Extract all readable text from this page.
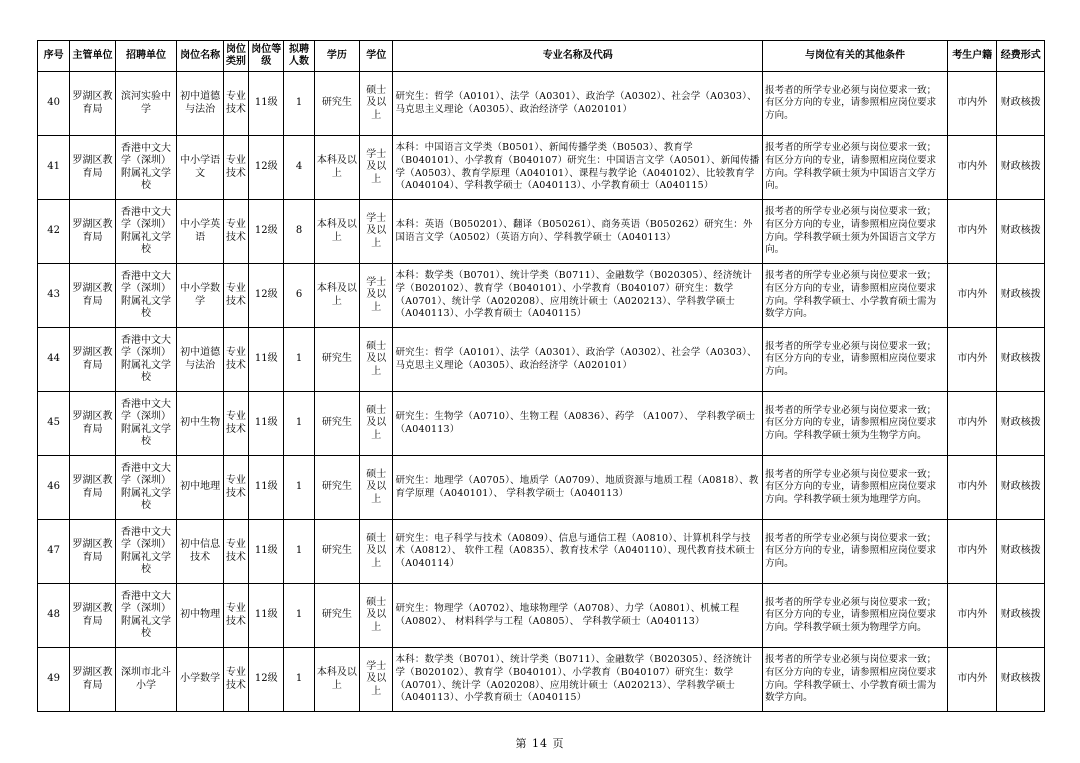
序号	主管单位	招聘单位	岗位名称	岗位类别	岗位等级	拟聘人数	学历	学位	专业名称及代码	与岗位有关的其他条件	考生户籍	经费形式
40	罗湖区教育局	滨河实验中学	初中道德与法治	专业技术	11级	1	研究生	硕士及以上	研究生：哲学（A0101）、法学（A0301）、政治学（A0302）、社会学（A0303）、马克思主义理论（A0305）、政治经济学（A020101）	报考者的所学专业必须与岗位要求一致；有区分方向的专业，请参照相应岗位要求方向。	市内外	财政核拨
41	罗湖区教育局	香港中文大学（深圳）附属礼文学校	中小学语文	专业技术	12级	4	本科及以上	学士及以上	本科：中国语言文学类（B0501）、新闻传播学类（B0503）、教育学（B040101）、小学教育（B040107）研究生：中国语言文学（A0501）、新闻传播学（A0503）、教育学原理（A040101）、课程与教学论（A040102）、比较教育学（A040104）、学科教学硕士（A040113）、小学教育硕士（A040115）	报考者的所学专业必须与岗位要求一致；有区分方向的专业，请参照相应岗位要求方向。学科教学硕士须为中国语言文学方向。	市内外	财政核拨
42	罗湖区教育局	香港中文大学（深圳）附属礼文学校	中小学英语	专业技术	12级	8	本科及以上	学士及以上	本科：英语（B050201）、翻译（B050261）、商务英语（B050262）研究生：外国语言文学（A0502）（英语方向）、学科教学硕士（A040113）	报考者的所学专业必须与岗位要求一致；有区分方向的专业，请参照相应岗位要求方向。学科教学硕士须为外国语言文学方向。	市内外	财政核拨
43	罗湖区教育局	香港中文大学（深圳）附属礼文学校	中小学数学	专业技术	12级	6	本科及以上	学士及以上	本科：数学类（B0701）、统计学类（B0711）、金融数学（B020305）、经济统计学（B020102）、教育学（B040101）、小学教育（B040107）研究生：数学（A0701）、统计学（A020208）、应用统计硕士（A020213）、学科教学硕士（A040113）、小学教育硕士（A040115）	报考者的所学专业必须与岗位要求一致；有区分方向的专业，请参照相应岗位要求方向。学科教学硕士、小学教育硕士需为数学方向。	市内外	财政核拨
44	罗湖区教育局	香港中文大学（深圳）附属礼文学校	初中道德与法治	专业技术	11级	1	研究生	硕士及以上	研究生：哲学（A0101）、法学（A0301）、政治学（A0302）、社会学（A0303）、马克思主义理论（A0305）、政治经济学（A020101）	报考者的所学专业必须与岗位要求一致；有区分方向的专业，请参照相应岗位要求方向。	市内外	财政核拨
45	罗湖区教育局	香港中文大学（深圳）附属礼文学校	初中生物	专业技术	11级	1	研究生	硕士及以上	研究生：生物学（A0710）、生物工程（A0836）、药学 （A1007）、 学科教学硕士（A040113）	报考者的所学专业必须与岗位要求一致；有区分方向的专业，请参照相应岗位要求方向。学科教学硕士须为生物学方向。	市内外	财政核拨
46	罗湖区教育局	香港中文大学（深圳）附属礼文学校	初中地理	专业技术	11级	1	研究生	硕士及以上	研究生：地理学（A0705）、地质学（A0709）、地质资源与地质工程（A0818）、教育学原理（A040101）、 学科教学硕士（A040113）	报考者的所学专业必须与岗位要求一致；有区分方向的专业，请参照相应岗位要求方向。学科教学硕士须为地理学方向。	市内外	财政核拨
47	罗湖区教育局	香港中文大学（深圳）附属礼文学校	初中信息技术	专业技术	11级	1	研究生	硕士及以上	研究生：电子科学与技术（A0809）、信息与通信工程（A0810）、计算机科学与技术（A0812）、 软件工程（A0835）、教育技术学（A040110）、现代教育技术硕士（A040114）	报考者的所学专业必须与岗位要求一致；有区分方向的专业，请参照相应岗位要求方向。	市内外	财政核拨
48	罗湖区教育局	香港中文大学（深圳）附属礼文学校	初中物理	专业技术	11级	1	研究生	硕士及以上	研究生：物理学（A0702）、地球物理学（A0708）、力学（A0801）、机械工程（A0802）、 材料科学与工程（A0805）、 学科教学硕士（A040113）	报考者的所学专业必须与岗位要求一致；有区分方向的专业，请参照相应岗位要求方向。学科教学硕士须为物理学方向。	市内外	财政核拨
49	罗湖区教育局	深圳市北斗小学	小学数学	专业技术	12级	1	本科及以上	学士及以上	本科：数学类（B0701）、统计学类（B0711）、金融数学（B020305）、经济统计学（B020102）、教育学（B040101）、小学教育（B040107）研究生：数学（A0701）、统计学（A020208）、应用统计硕士（A020213）、学科教学硕士（A040113）、小学教育硕士（A040115）	报考者的所学专业必须与岗位要求一致；有区分方向的专业，请参照相应岗位要求方向。学科教学硕士、小学教育硕士需为数学方向。	市内外	财政核拨
第 14 页
